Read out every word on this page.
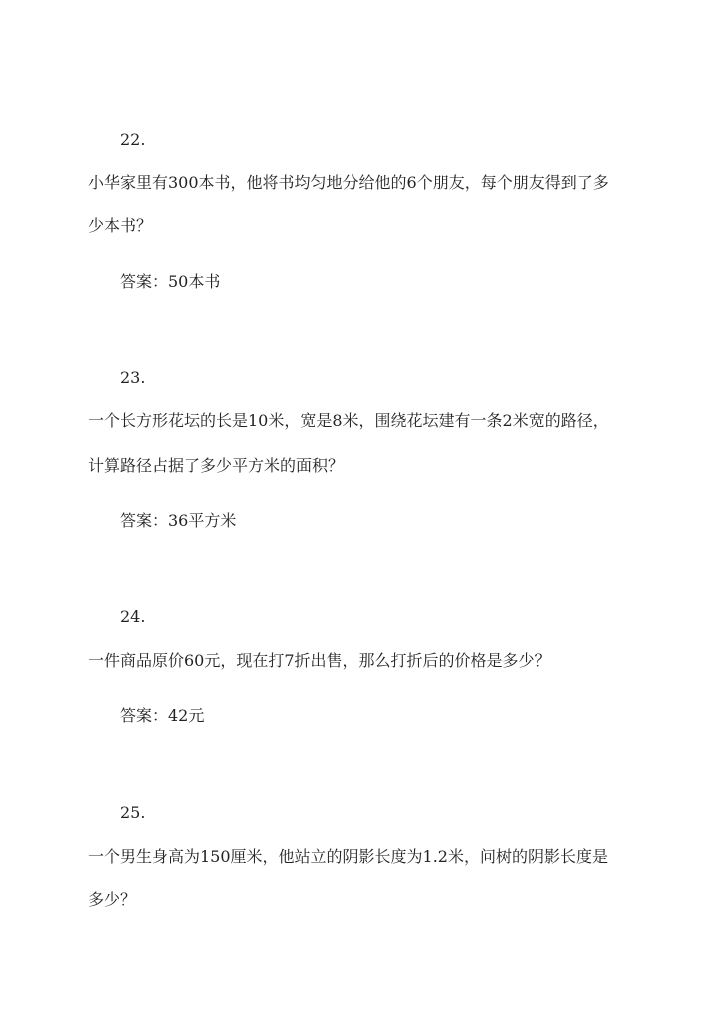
22.
小华家里有300本书，他将书均匀地分给他的6个朋友，每个朋友得到了多
少本书？
答案：50本书
23.
一个长方形花坛的长是10米，宽是8米，围绕花坛建有一条2米宽的路径，
计算路径占据了多少平方米的面积？
答案：36平方米
24.
一件商品原价60元，现在打7折出售，那么打折后的价格是多少？
答案：42元
25.
一个男生身高为150厘米，他站立的阴影长度为1.2米，问树的阴影长度是
多少？
